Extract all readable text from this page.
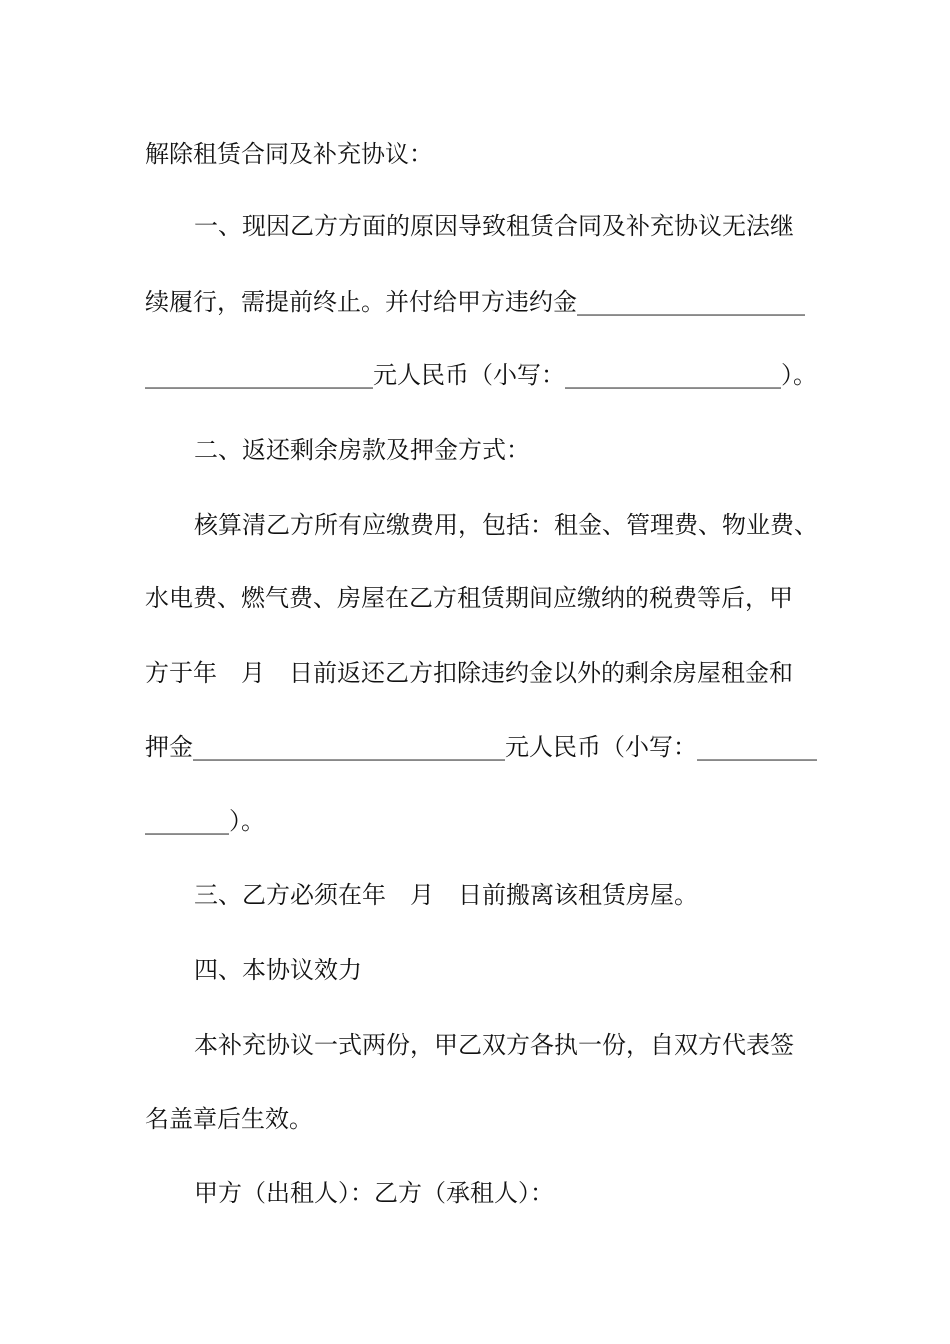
解除租赁合同及补充协议：
一、现因乙方方面的原因导致租赁合同及补充协议无法继
续履行，需提前终止。并付给甲方违约金___________________
___________________元人民币（小写：__________________）。
二、返还剩余房款及押金方式：
核算清乙方所有应缴费用，包括：租金、管理费、物业费、
水电费、燃气费、房屋在乙方租赁期间应缴纳的税费等后，甲
方于年　月　日前返还乙方扣除违约金以外的剩余房屋租金和
押金__________________________元人民币（小写：__________
_______）。
三、乙方必须在年　月　日前搬离该租赁房屋。
四、本协议效力
本补充协议一式两份，甲乙双方各执一份，自双方代表签
名盖章后生效。
甲方（出租人）：乙方（承租人）：
